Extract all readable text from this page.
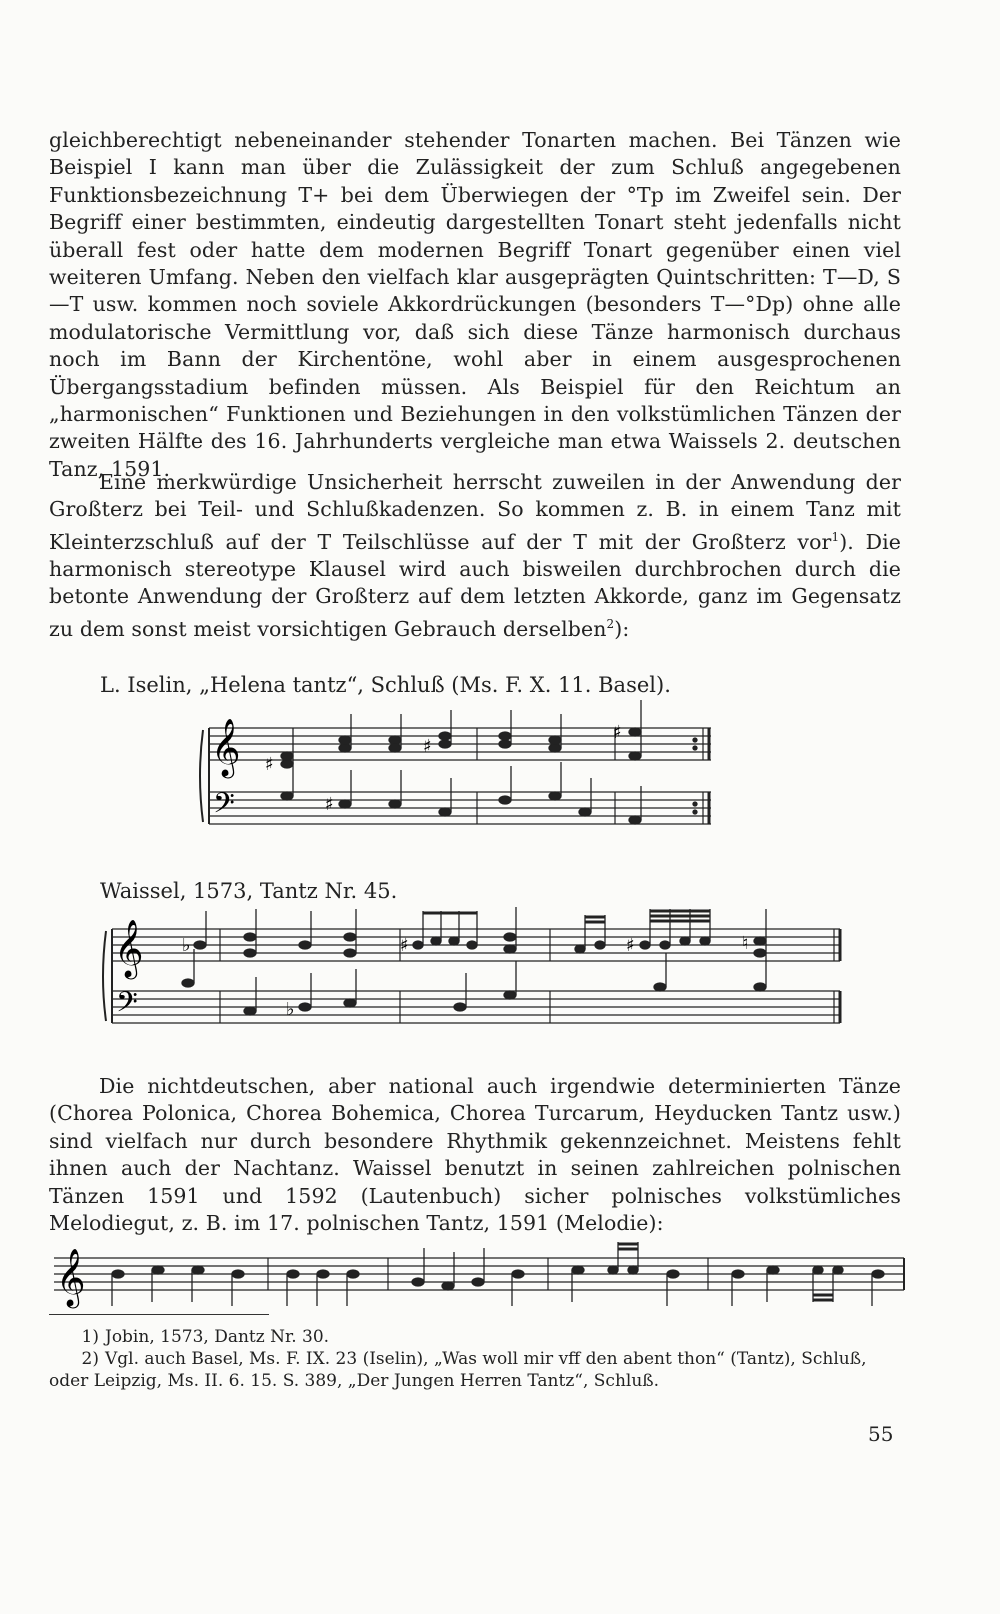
gleichberechtigt nebeneinander stehender Tonarten machen. Bei Tänzen wie Beispiel I kann man über die Zulässigkeit der zum Schluß angegebenen Funktionsbezeichnung T+ bei dem Überwiegen der °Tp im Zweifel sein. Der Begriff einer bestimmten, eindeutig dargestellten Tonart steht jedenfalls nicht überall fest oder hatte dem modernen Begriff Tonart gegenüber einen viel weiteren Umfang. Neben den vielfach klar ausgeprägten Quintschritten: T—D, S—T usw. kommen noch soviele Akkordrückungen (besonders T—°Dp) ohne alle modulatorische Vermittlung vor, daß sich diese Tänze harmonisch durchaus noch im Bann der Kirchentöne, wohl aber in einem ausgesprochenen Übergangsstadium befinden müssen. Als Beispiel für den Reichtum an „harmonischen“ Funktionen und Beziehungen in den volkstümlichen Tänzen der zweiten Hälfte des 16. Jahrhunderts vergleiche man etwa Waissels 2. deutschen Tanz, 1591.

Eine merkwürdige Unsicherheit herrscht zuweilen in der Anwendung der Großterz bei Teil- und Schlußkadenzen. So kommen z. B. in einem Tanz mit Kleinterzschluß auf der T Teilschlüsse auf der T mit der Großterz vor$^1$). Die harmonisch stereotype Klausel wird auch bisweilen durchbrochen durch die betonte Anwendung der Großterz auf dem letzten Akkorde, ganz im Gegensatz zu dem sonst meist vorsichtigen Gebrauch derselben$^2$):

L. Iselin, „Helena tantz“, Schluß (Ms. F. X. 11. Basel).

𝄞
𝄢
♯
♯
♯
♯

Waissel, 1573, Tantz Nr. 45.

𝄞
𝄢
♭
♭
♯	♯	♮

Die nichtdeutschen, aber national auch irgendwie determinierten Tänze (Chorea Polonica, Chorea Bohemica, Chorea Turcarum, Heyducken Tantz usw.) sind vielfach nur durch besondere Rhythmik gekennzeichnet. Meistens fehlt ihnen auch der Nachtanz. Waissel benutzt in seinen zahlreichen polnischen Tänzen 1591 und 1592 (Lautenbuch) sicher polnisches volkstümliches Melodiegut, z. B. im 17. polnischen Tantz, 1591 (Melodie):

𝄞

1) Jobin, 1573, Dantz Nr. 30.

2) Vgl. auch Basel, Ms. F. IX. 23 (Iselin), „Was woll mir vff den abent thon“ (Tantz), Schluß, oder Leipzig, Ms. II. 6. 15. S. 389, „Der Jungen Herren Tantz“, Schluß.

55
